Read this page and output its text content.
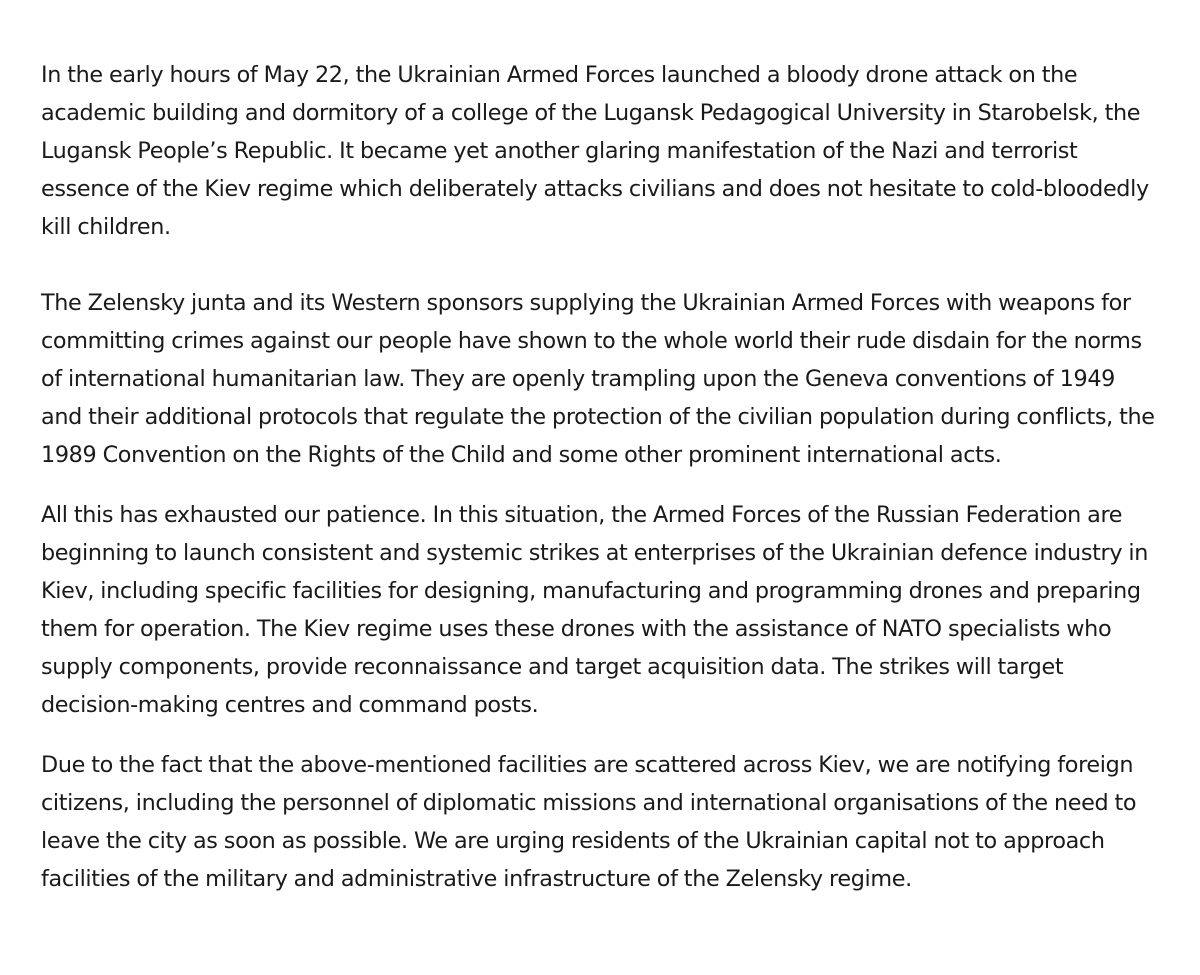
In the early hours of May 22, the Ukrainian Armed Forces launched a bloody drone attack on the academic building and dormitory of a college of the Lugansk Pedagogical University in Starobelsk, the Lugansk People’s Republic. It became yet another glaring manifestation of the Nazi and terrorist essence of the Kiev regime which deliberately attacks civilians and does not hesitate to cold-bloodedly kill children.

The Zelensky junta and its Western sponsors supplying the Ukrainian Armed Forces with weapons for committing crimes against our people have shown to the whole world their rude disdain for the norms of international humanitarian law. They are openly trampling upon the Geneva conventions of 1949 and their additional protocols that regulate the protection of the civilian population during conflicts, the 1989 Convention on the Rights of the Child and some other prominent international acts.

All this has exhausted our patience. In this situation, the Armed Forces of the Russian Federation are beginning to launch consistent and systemic strikes at enterprises of the Ukrainian defence industry in Kiev, including specific facilities for designing, manufacturing and programming drones and preparing them for operation. The Kiev regime uses these drones with the assistance of NATO specialists who supply components, provide reconnaissance and target acquisition data. The strikes will target decision-making centres and command posts.

Due to the fact that the above-mentioned facilities are scattered across Kiev, we are notifying foreign citizens, including the personnel of diplomatic missions and international organisations of the need to leave the city as soon as possible. We are urging residents of the Ukrainian capital not to approach facilities of the military and administrative infrastructure of the Zelensky regime.
